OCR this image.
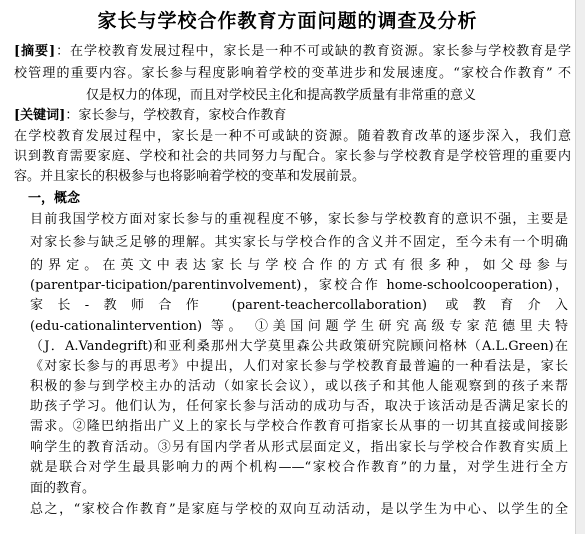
家长与学校合作教育方面问题的调查及分析
[摘要]：在学校教育发展过程中，家长是一种不可或缺的教育资源。家长参与学校教育是学
校管理的重要内容。家长参与程度影响着学校的变革进步和发展速度。“家校合作教育” 不
仅是权力的体现，而且对学校民主化和提高教学质量有非常重的意义
[关键词]：家长参与，学校教育，家校合作教育
在学校教育发展过程中，家长是一种不可或缺的资源。随着教育改革的逐步深入，我们意
识到教育需要家庭、学校和社会的共同努力与配合。家长参与学校教育是学校管理的重要内
容。并且家长的积极参与也将影响着学校的变革和发展前景。
一，概念
目前我国学校方面对家长参与的重视程度不够，家长参与学校教育的意识不强，主要是
对家长参与缺乏足够的理解。其实家长与学校合作的含义并不固定，至今未有一个明确
的界定。在英文中表达家长与学校合作的方式有很多种，如父母参与
(parentpar-ticipation/parentinvolvement)，家校合作 home-schoolcooperation)，
家长-教师合作 (parent-teachercollaboration) 或教育介入
(edu-cationalintervention) 等。 ①美国问题学生研究高级专家范德里夫特
（J．A.Vandegrift)和亚利桑那州大学莫里森公共政策研究院顾问格林（A.L.Green)在
《对家长参与的再思考》中提出，人们对家长参与学校教育最普遍的一种看法是，家长
积极的参与到学校主办的活动（如家长会议），或以孩子和其他人能观察到的孩子来帮
助孩子学习。他们认为，任何家长参与活动的成功与否，取决于该活动是否满足家长的
需求。②隆巴纳指出广义上的家长与学校合作教育可指家长从事的一切其直接或间接影
响学生的教育活动。③另有国内学者从形式层面定义，指出家长与学校合作教育实质上
就是联合对学生最具影响力的两个机构——“家校合作教育”的力量，对学生进行全方
面的教育。
总之，“家校合作教育”是家庭与学校的双向互动活动，是以学生为中心、以学生的全
